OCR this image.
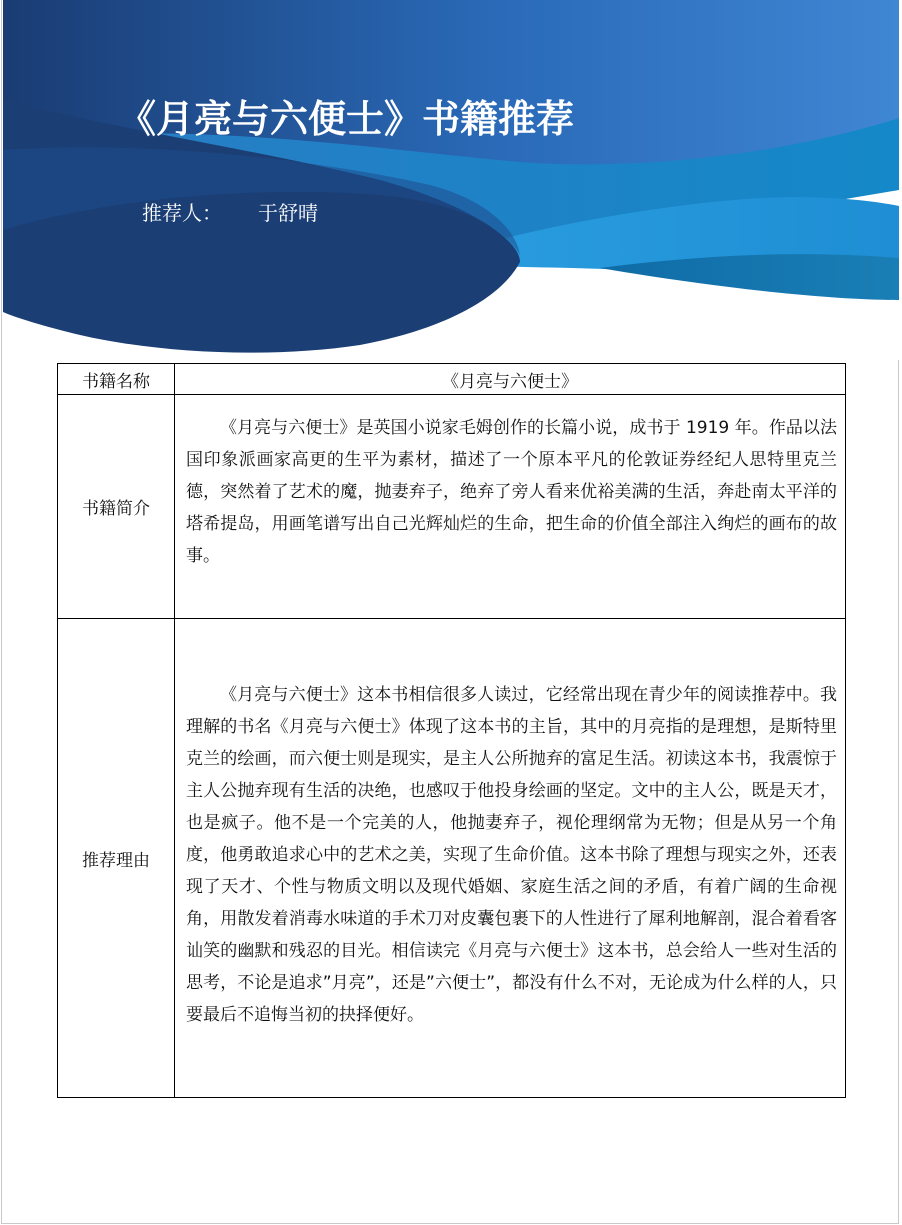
《月亮与六便士》书籍推荐
推荐人： 于舒晴
书籍名称	《月亮与六便士》
书籍简介	《月亮与六便士》是英国小说家毛姆创作的长篇小说，成书于 1919 年。作品以法国印象派画家高更的生平为素材，描述了一个原本平凡的伦敦证券经纪人思特里克兰德，突然着了艺术的魔，抛妻弃子，绝弃了旁人看来优裕美满的生活，奔赴南太平洋的塔希提岛，用画笔谱写出自己光辉灿烂的生命，把生命的价值全部注入绚烂的画布的故事。

推荐理由	《月亮与六便士》这本书相信很多人读过，它经常出现在青少年的阅读推荐中。我理解的书名《月亮与六便士》体现了这本书的主旨，其中的月亮指的是理想，是斯特里克兰的绘画，而六便士则是现实，是主人公所抛弃的富足生活。初读这本书，我震惊于主人公抛弃现有生活的决绝，也感叹于他投身绘画的坚定。文中的主人公，既是天才，也是疯子。他不是一个完美的人，他抛妻弃子，视伦理纲常为无物；但是从另一个角度，他勇敢追求心中的艺术之美，实现了生命价值。这本书除了理想与现实之外，还表现了天才、个性与物质文明以及现代婚姻、家庭生活之间的矛盾，有着广阔的生命视角，用散发着消毒水味道的手术刀对皮囊包裹下的人性进行了犀利地解剖，混合着看客讪笑的幽默和残忍的目光。相信读完《月亮与六便士》这本书，总会给人一些对生活的思考，不论是追求”月亮”，还是”六便士”，都没有什么不对，无论成为什么样的人，只要最后不追悔当初的抉择便好。
